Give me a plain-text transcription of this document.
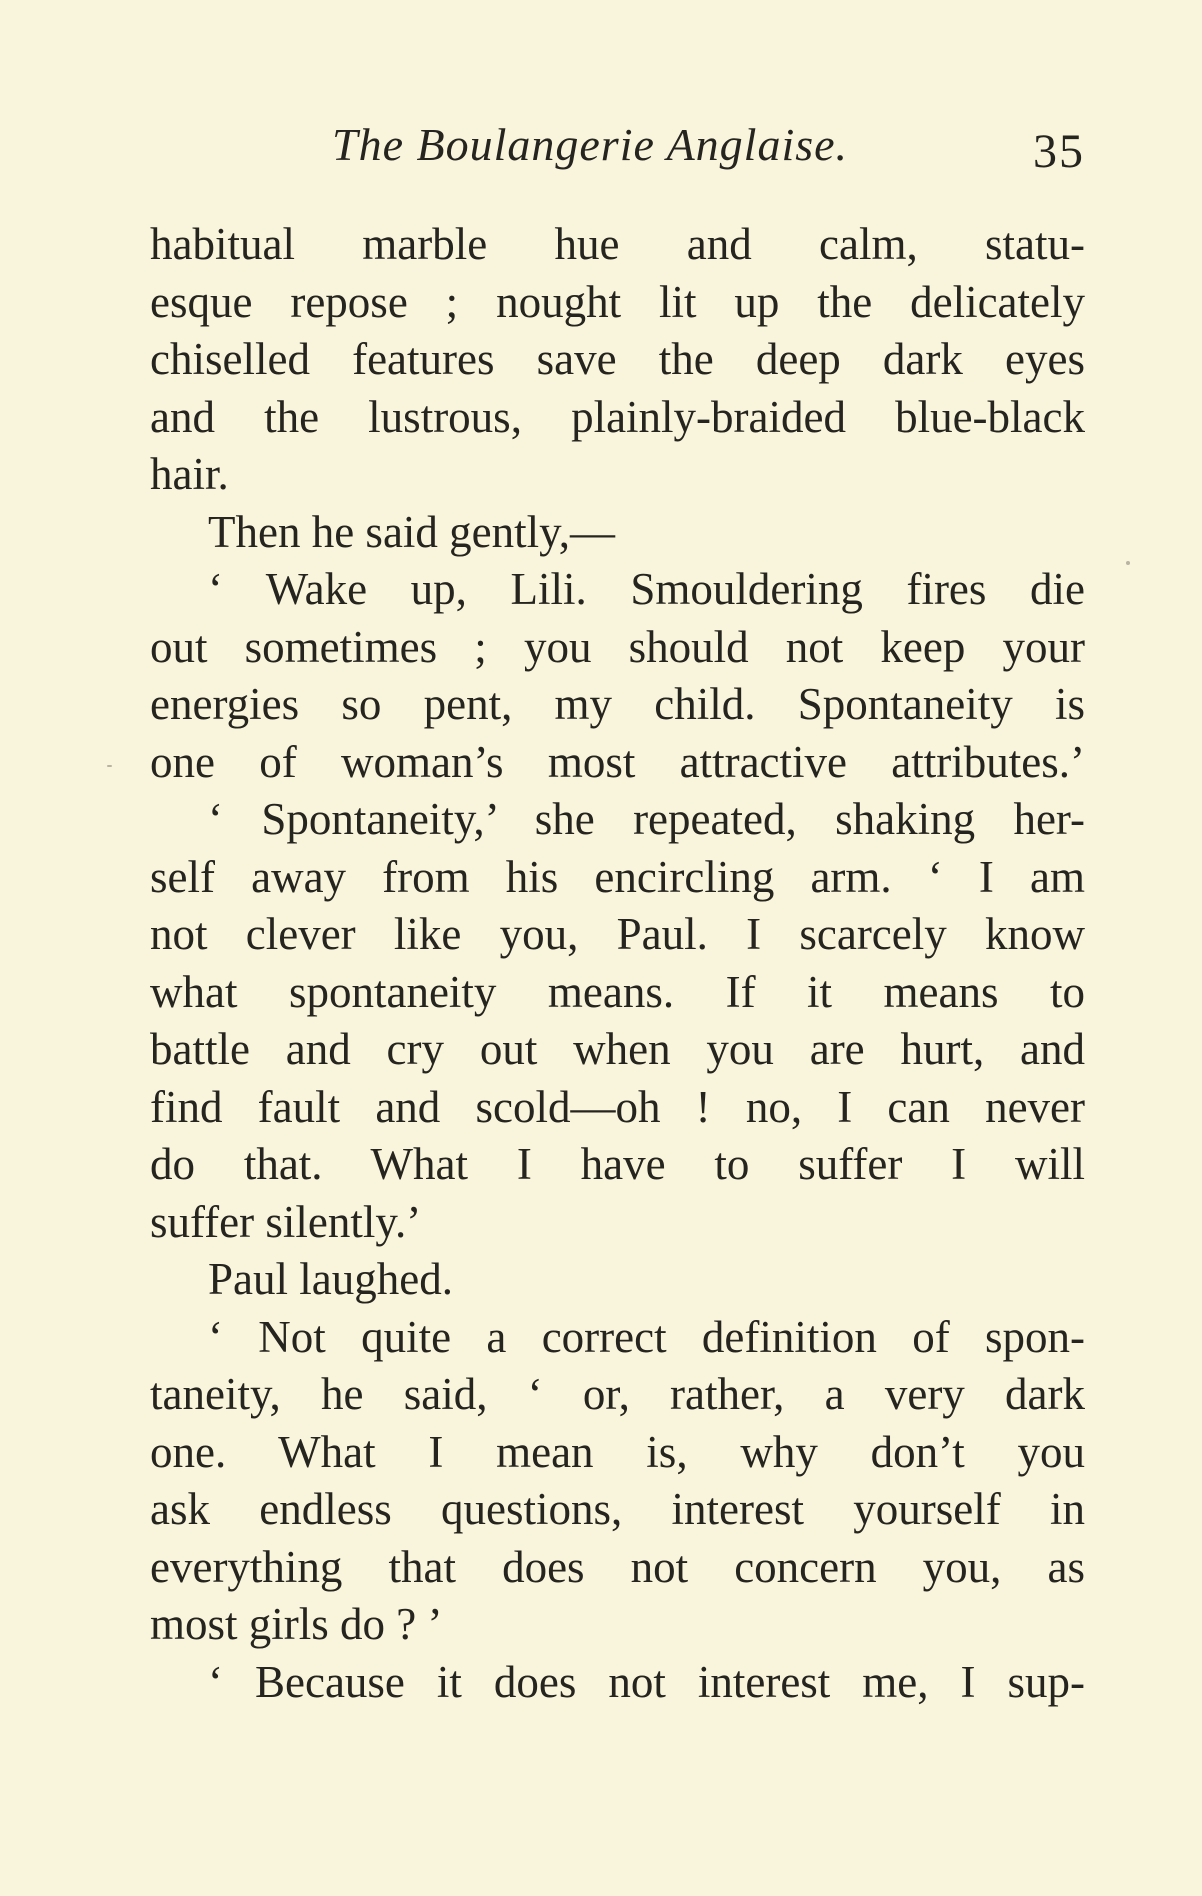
The Boulangerie Anglaise.	35
habitual marble hue and calm, statu-
esque repose ; nought lit up the delicately
chiselled features save the deep dark eyes
and the lustrous, plainly-braided blue-black
hair.
Then he said gently,—
‘ Wake up, Lili. Smouldering fires die
out sometimes ; you should not keep your
energies so pent, my child. Spontaneity is
one of woman’s most attractive attributes.’
‘ Spontaneity,’ she repeated, shaking her-
self away from his encircling arm. ‘ I am
not clever like you, Paul. I scarcely know
what spontaneity means. If it means to
battle and cry out when you are hurt, and
find fault and scold—oh ! no, I can never
do that. What I have to suffer I will
suffer silently.’
Paul laughed.
‘ Not quite a correct definition of spon-
taneity, he said, ‘ or, rather, a very dark
one. What I mean is, why don’t you
ask endless questions, interest yourself in
everything that does not concern you, as
most girls do ? ’
‘ Because it does not interest me, I sup-
